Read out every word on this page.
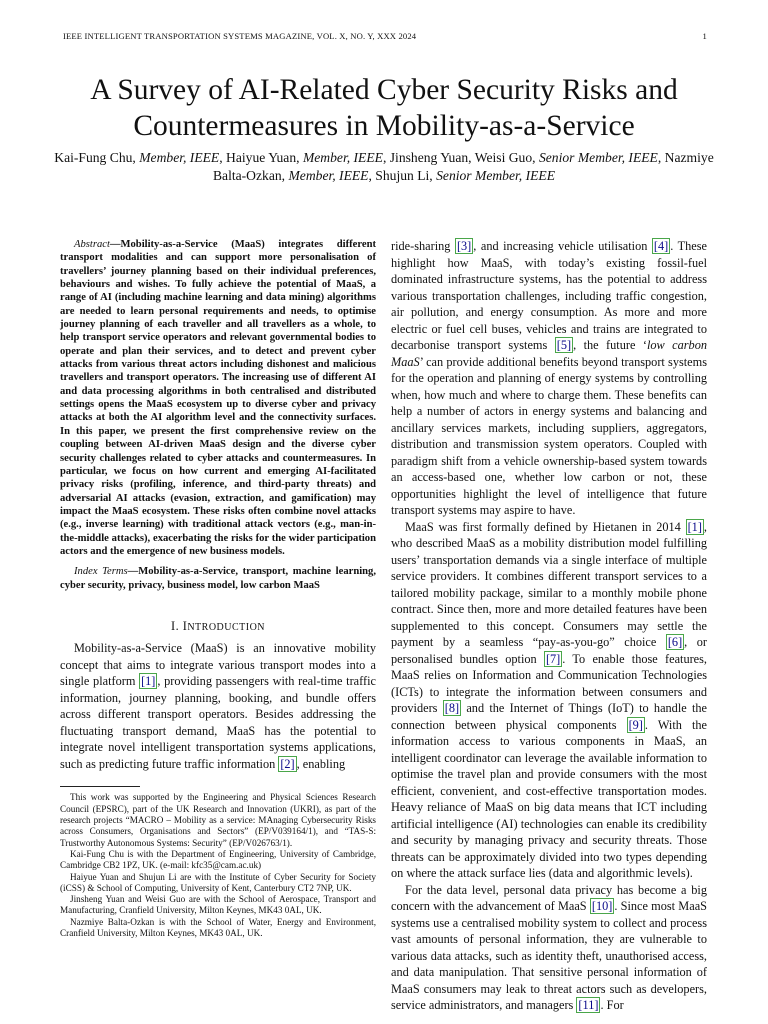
IEEE INTELLIGENT TRANSPORTATION SYSTEMS MAGAZINE, VOL. X, NO. Y, XXX 2024	1
A Survey of AI-Related Cyber Security Risks and Countermeasures in Mobility-as-a-Service
Kai-Fung Chu, Member, IEEE, Haiyue Yuan, Member, IEEE, Jinsheng Yuan, Weisi Guo, Senior Member, IEEE, Nazmiye Balta-Ozkan, Member, IEEE, Shujun Li, Senior Member, IEEE

Abstract—Mobility-as-a-Service (MaaS) integrates different transport modalities and can support more personalisation of travellers’ journey planning based on their individual preferences, behaviours and wishes. To fully achieve the potential of MaaS, a range of AI (including machine learning and data mining) algorithms are needed to learn personal requirements and needs, to optimise journey planning of each traveller and all travellers as a whole, to help transport service operators and relevant governmental bodies to operate and plan their services, and to detect and prevent cyber attacks from various threat actors including dishonest and malicious travellers and transport operators. The increasing use of different AI and data processing algorithms in both centralised and distributed settings opens the MaaS ecosystem up to diverse cyber and privacy attacks at both the AI algorithm level and the connectivity surfaces. In this paper, we present the first comprehensive review on the coupling between AI-driven MaaS design and the diverse cyber security challenges related to cyber attacks and countermeasures. In particular, we focus on how current and emerging AI-facilitated privacy risks (profiling, inference, and third-party threats) and adversarial AI attacks (evasion, extraction, and gamification) may impact the MaaS ecosystem. These risks often combine novel attacks (e.g., inverse learning) with traditional attack vectors (e.g., man-in-the-middle attacks), exacerbating the risks for the wider participation actors and the emergence of new business models.

Index Terms—Mobility-as-a-Service, transport, machine learning, cyber security, privacy, business model, low carbon MaaS

I. INTRODUCTION

Mobility-as-a-Service (MaaS) is an innovative mobility concept that aims to integrate various transport modes into a single platform [1] , providing passengers with real-time traffic information, journey planning, booking, and bundle offers across different transport operators. Besides addressing the fluctuating transport demand, MaaS has the potential to integrate novel intelligent transportation systems applications, such as predicting future traffic information [2] , enabling

This work was supported by the Engineering and Physical Sciences Research Council (EPSRC), part of the UK Research and Innovation (UKRI), as part of the research projects “MACRO – Mobility as a service: MAnaging Cybersecurity Risks across Consumers, Organisations and Sectors” (EP/V039164/1), and “TAS-S: Trustworthy Autonomous Systems: Security” (EP/V026763/1).

Kai-Fung Chu is with the Department of Engineering, University of Cambridge, Cambridge CB2 1PZ, UK. (e-mail: kfc35@cam.ac.uk)

Haiyue Yuan and Shujun Li are with the Institute of Cyber Security for Society (iCSS) & School of Computing, University of Kent, Canterbury CT2 7NP, UK.

Jinsheng Yuan and Weisi Guo are with the School of Aerospace, Transport and Manufacturing, Cranfield University, Milton Keynes, MK43 0AL, UK.

Nazmiye Balta-Ozkan is with the School of Water, Energy and Environment, Cranfield University, Milton Keynes, MK43 0AL, UK.

ride-sharing [3] , and increasing vehicle utilisation [4] . These highlight how MaaS, with today’s existing fossil-fuel dominated infrastructure systems, has the potential to address various transportation challenges, including traffic congestion, air pollution, and energy consumption. As more and more electric or fuel cell buses, vehicles and trains are integrated to decarbonise transport systems [5] , the future ‘low carbon MaaS’ can provide additional benefits beyond transport systems for the operation and planning of energy systems by controlling when, how much and where to charge them. These benefits can help a number of actors in energy systems and balancing and ancillary services markets, including suppliers, aggregators, distribution and transmission system operators. Coupled with paradigm shift from a vehicle ownership-based system towards an access-based one, whether low carbon or not, these opportunities highlight the level of intelligence that future transport systems may aspire to have.

MaaS was first formally defined by Hietanen in 2014 [1] , who described MaaS as a mobility distribution model fulfilling users’ transportation demands via a single interface of multiple service providers. It combines different transport services to a tailored mobility package, similar to a monthly mobile phone contract. Since then, more and more detailed features have been supplemented to this concept. Consumers may settle the payment by a seamless “pay-as-you-go” choice [6] , or personalised bundles option [7] . To enable those features, MaaS relies on Information and Communication Technologies (ICTs) to integrate the information between consumers and providers [8] and the Internet of Things (IoT) to handle the connection between physical components [9] . With the information access to various components in MaaS, an intelligent coordinator can leverage the available information to optimise the travel plan and provide consumers with the most efficient, convenient, and cost-effective transportation modes. Heavy reliance of MaaS on big data means that ICT including artificial intelligence (AI) technologies can enable its credibility and security by managing privacy and security threats. Those threats can be approximately divided into two types depending on where the attack surface lies (data and algorithmic levels).

For the data level, personal data privacy has become a big concern with the advancement of MaaS [10] . Since most MaaS systems use a centralised mobility system to collect and process vast amounts of personal information, they are vulnerable to various data attacks, such as identity theft, unauthorised access, and data manipulation. That sensitive personal information of MaaS consumers may leak to threat actors such as developers, service administrators, and managers [11] . For
